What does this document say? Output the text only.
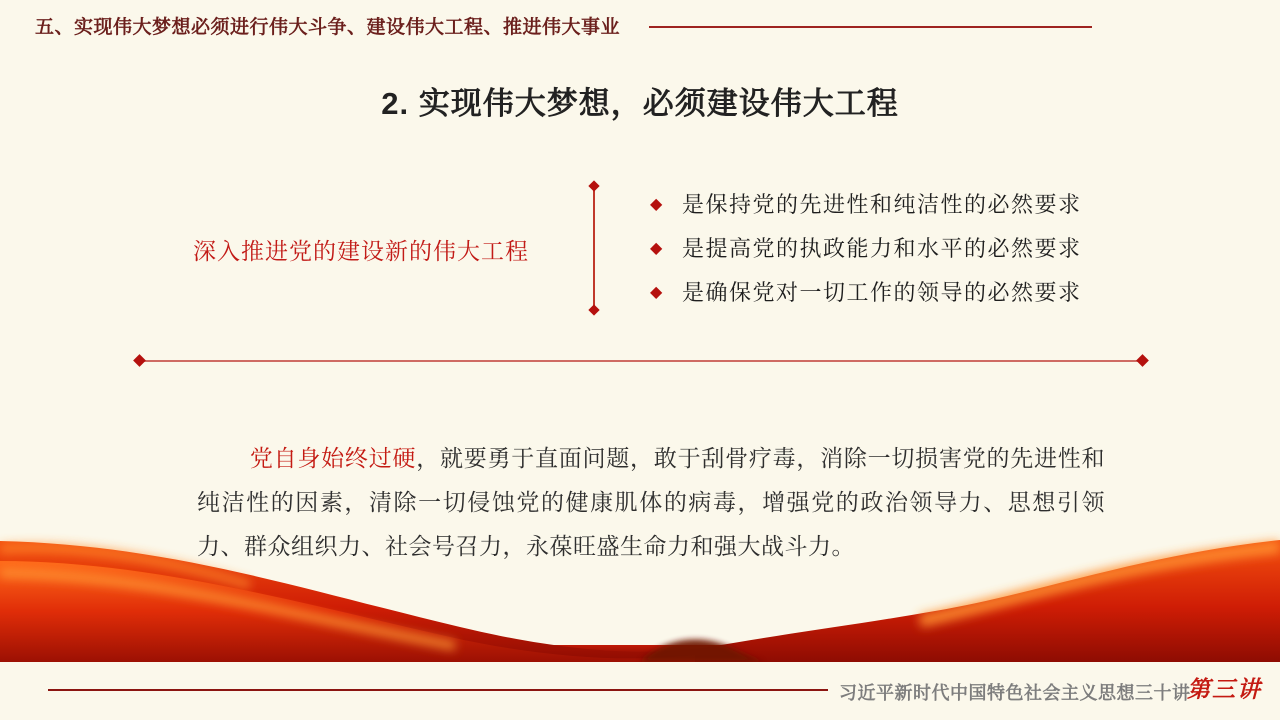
五、实现伟大梦想必须进行伟大斗争、建设伟大工程、推进伟大事业
2. 实现伟大梦想，必须建设伟大工程
深入推进党的建设新的伟大工程
◆ 是保持党的先进性和纯洁性的必然要求
◆ 是提高党的执政能力和水平的必然要求
◆ 是确保党对一切工作的领导的必然要求

党自身始终过硬，就要勇于直面问题，敢于刮骨疗毒，消除一切损害党的先进性和纯洁性的因素，清除一切侵蚀党的健康肌体的病毒，增强党的政治领导力、思想引领力、群众组织力、社会号召力，永葆旺盛生命力和强大战斗力。

习近平新时代中国特色社会主义思想三十讲
第三讲
